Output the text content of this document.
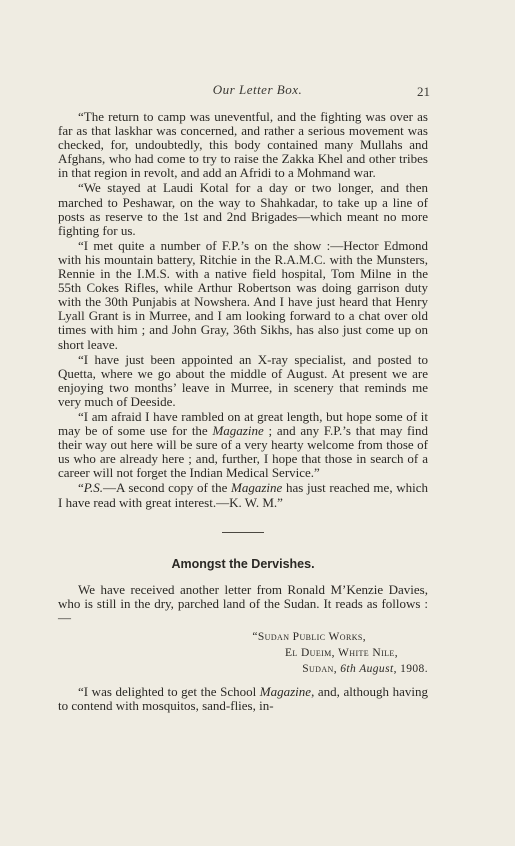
Our Letter Box.	21

“The return to camp was uneventful, and the fighting was over as far as that laskhar was concerned, and rather a serious movement was checked, for, undoubtedly, this body contained many Mullahs and Afghans, who had come to try to raise the Zakka Khel and other tribes in that region in revolt, and add an Afridi to a Mohmand war.

“We stayed at Laudi Kotal for a day or two longer, and then marched to Peshawar, on the way to Shahkadar, to take up a line of posts as reserve to the 1st and 2nd Brigades—which meant no more fighting for us.

“I met quite a number of F.P.’s on the show :—Hector Edmond with his mountain battery, Ritchie in the R.A.M.C. with the Munsters, Rennie in the I.M.S. with a native field hospital, Tom Milne in the 55th Cokes Rifles, while Arthur Robertson was doing garrison duty with the 30th Punjabis at Nowshera. And I have just heard that Henry Lyall Grant is in Murree, and I am looking forward to a chat over old times with him ; and John Gray, 36th Sikhs, has also just come up on short leave.

“I have just been appointed an X-ray specialist, and posted to Quetta, where we go about the middle of August. At present we are enjoying two months’ leave in Murree, in scenery that reminds me very much of Deeside.

“I am afraid I have rambled on at great length, but hope some of it may be of some use for the Magazine ; and any F.P.’s that may find their way out here will be sure of a very hearty welcome from those of us who are already here ; and, further, I hope that those in search of a career will not forget the Indian Medical Service.”

“P.S.—A second copy of the Magazine has just reached me, which I have read with great interest.—K. W. M.”

Amongst the Dervishes.

We have received another letter from Ronald M’Kenzie Davies, who is still in the dry, parched land of the Sudan. It reads as follows :—

“Sudan Public Works,
El Dueim, White Nile,
Sudan, 6th August, 1908.

“I was delighted to get the School Magazine, and, although having to contend with mosquitos, sand-flies, in-
